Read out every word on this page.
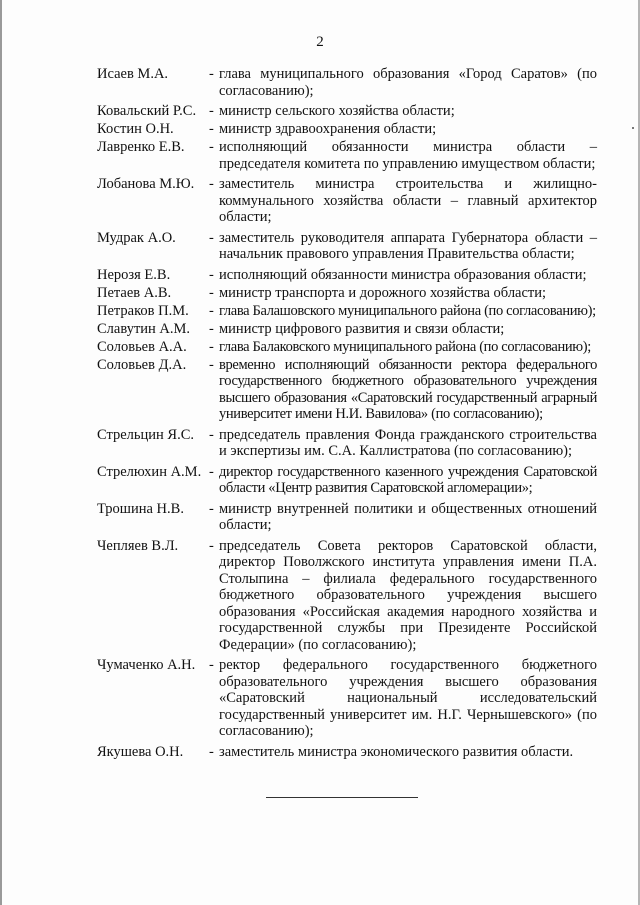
2
Исаев М.А.	- глава муниципального образования «Город Саратов» (по согласованию);
Ковальский Р.С. - министр сельского хозяйства области;
Костин О.Н.	- министр здравоохранения области;
Лавренко Е.В.	- исполняющий обязанности министра области – председателя комитета по управлению имуществом области;
Лобанова М.Ю.	- заместитель министра строительства и жилищно-коммунального хозяйства области – главный архитектор области;
Мудрак А.О.	- заместитель руководителя аппарата Губернатора области – начальник правового управления Правительства области;
Нерозя Е.В.	- исполняющий обязанности министра образования области;
Петаев А.В.	- министр транспорта и дорожного хозяйства области;
Петраков П.М.	- глава Балашовского муниципального района (по согласованию);
Славутин А.М.	- министр цифрового развития и связи области;
Соловьев А.А.	- глава Балаковского муниципального района (по согласованию);
Соловьев Д.А.	- временно исполняющий обязанности ректора федерального государственного бюджетного образовательного учреждения высшего образования «Саратовский государственный аграрный университет имени Н.И. Вавилова» (по согласованию);
Стрельцин Я.С.	- председатель правления Фонда гражданского строительства и экспертизы им. С.А. Каллистратова (по согласованию);
Стрелюхин А.М. - директор государственного казенного учреждения Саратовской области «Центр развития Саратовской агломерации»;
Трошина Н.В.	- министр внутренней политики и общественных отношений области;
Чепляев В.Л.	- председатель Совета ректоров Саратовской области, директор Поволжского института управления имени П.А. Столыпина – филиала федерального государственного бюджетного образовательного учреждения высшего образования «Российская академия народного хозяйства и государственной службы при Президенте Российской Федерации» (по согласованию);
Чумаченко А.Н. - ректор федерального государственного бюджетного образовательного учреждения высшего образования «Саратовский национальный исследовательский государственный университет им. Н.Г. Чернышевского» (по согласованию);
Якушева О.Н.	- заместитель министра экономического развития области.
